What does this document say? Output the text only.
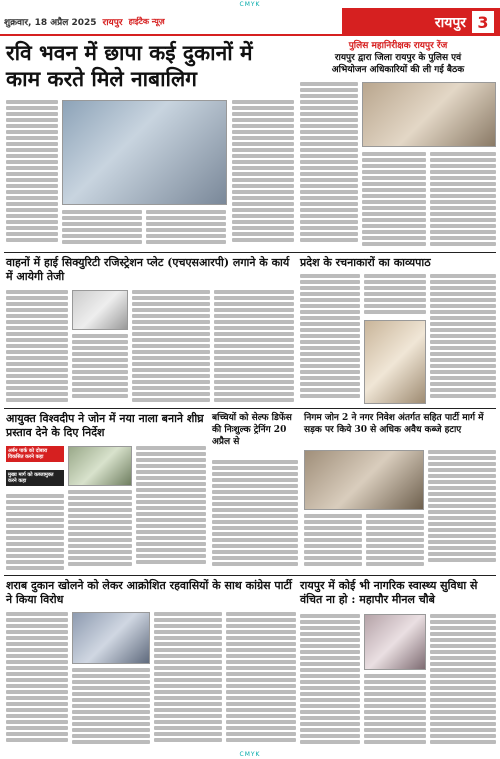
CMYK
शुक्रवार, 18 अप्रैल 2025 रायपुर हाईटैक न्यूज़	रायपुर 3
रवि भवन में छापा कई दुकानों में काम करते मिले नाबालिग
पुलिस महानिरीक्षक रायपुर रेंज
रायपुर द्वारा जिला रायपुर के पुलिस एवं
अभियोजन अधिकारियों की ली गई बैठक
वाहनों में हाई सिक्युरिटी रजिस्ट्रेशन प्लेट (एचएसआरपी) लगाने के कार्य में आयेगी तेजी
प्रदेश के रचनाकारों का काव्यपाठ
आयुक्त विश्वदीप ने जोन में नया नाला बनाने शीघ्र प्रस्ताव देने के दिए निर्देश
अर्बन पार्क को दोबारा विकसित करने कहा
मुख्य मार्ग को कब्जामुक्त करने कहा
बच्चियों को सेल्फ डिफेंस की निःशुल्क ट्रेनिंग 20 अप्रैल से
निगम जोन 2 ने नगर निवेश अंतर्गत सहित पार्टी मार्ग में सड़क पर किये 30 से अधिक अवैध कब्जे हटाए
शराब दुकान खोलने को लेकर आक्रोशित रहवासियों के साथ कांग्रेस पार्टी ने किया विरोध
रायपुर में कोई भी नागरिक स्वास्थ्य सुविधा से वंचित ना हो : महापौर मीनल चौबे
CMYK
